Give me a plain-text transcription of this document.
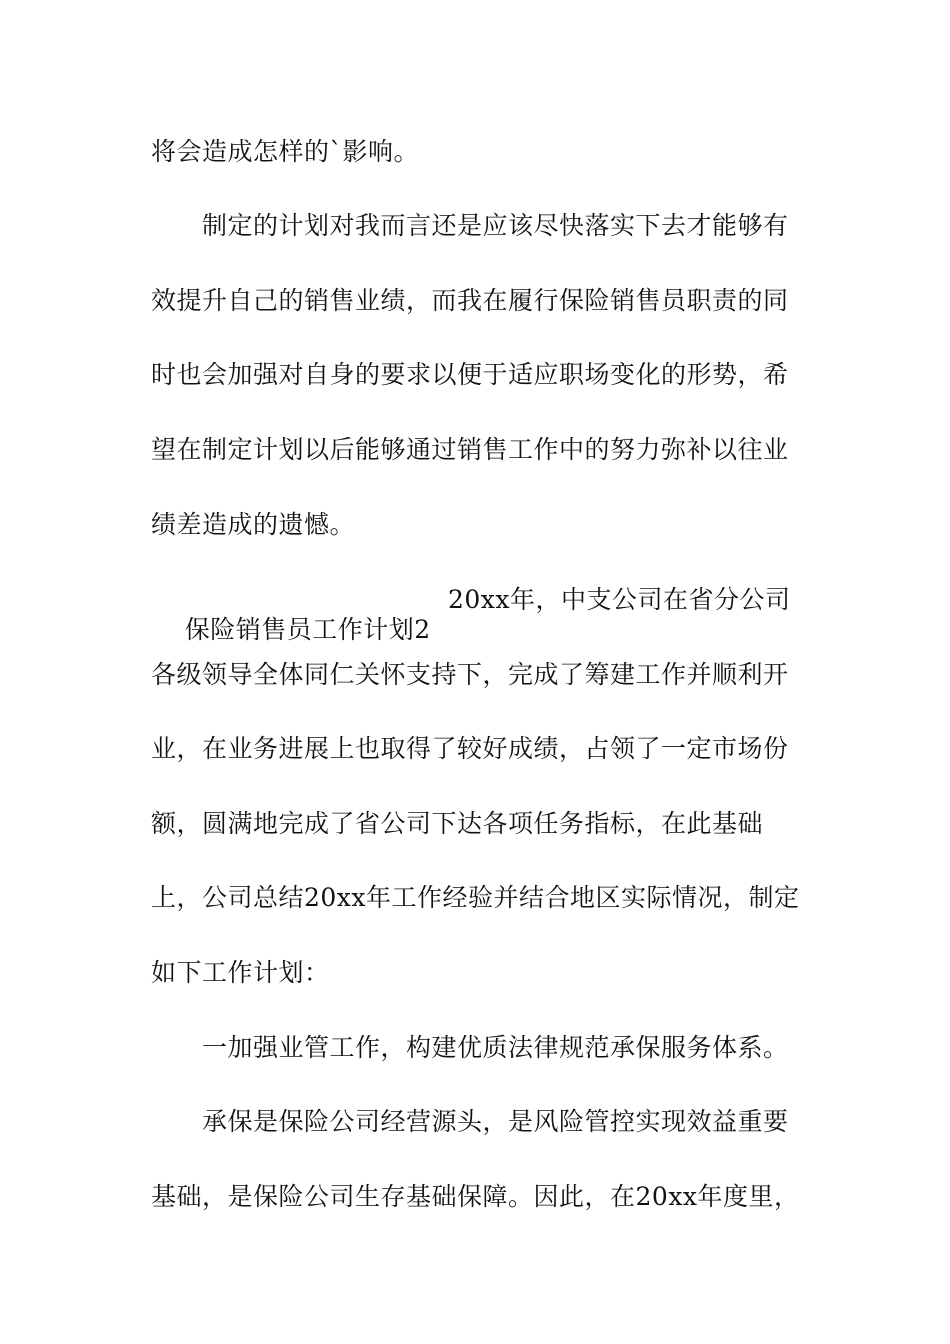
将会造成怎样的`影响。
制定的计划对我而言还是应该尽快落实下去才能够有
效提升自己的销售业绩，而我在履行保险销售员职责的同
时也会加强对自身的要求以便于适应职场变化的形势，希
望在制定计划以后能够通过销售工作中的努力弥补以往业
绩差造成的遗憾。

保险销售员工作计划2

20xx年，中支公司在省分公司

各级领导全体同仁关怀支持下，完成了筹建工作并顺利开
业，在业务进展上也取得了较好成绩，占领了一定市场份
额，圆满地完成了省公司下达各项任务指标，在此基础
上，公司总结20xx年工作经验并结合地区实际情况，制定
如下工作计划：
一加强业管工作，构建优质法律规范承保服务体系。
承保是保险公司经营源头，是风险管控实现效益重要
基础，是保险公司生存基础保障。因此，在20xx年度里，
